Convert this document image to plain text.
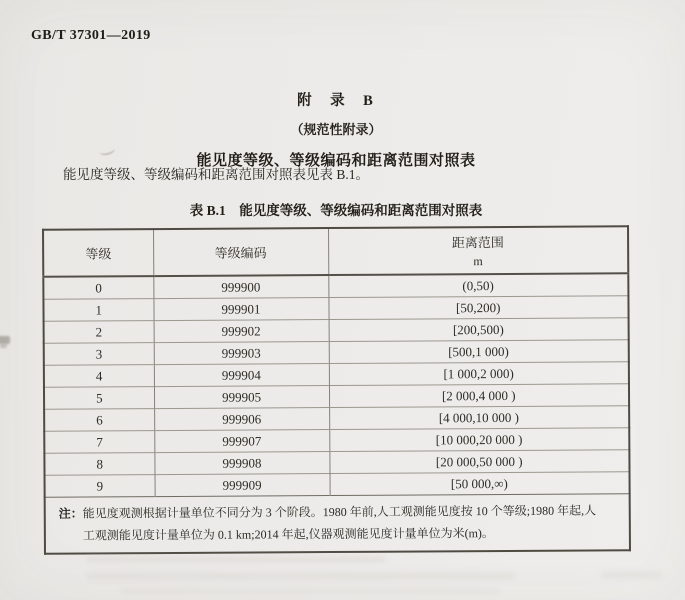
GB/T 37301—2019
附　录　B
（规范性附录）
能见度等级、等级编码和距离范围对照表
能见度等级、等级编码和距离范围对照表见表 B.1。
表 B.1　能见度等级、等级编码和距离范围对照表
等级	等级编码	距离范围
m

0	999900	(0,50)
1	999901	[50,200)
2	999902	[200,500)
3	999903	[500,1 000)
4	999904	[1 000,2 000)
5	999905	[2 000,4 000 )
6	999906	[4 000,10 000 )
7	999907	[10 000,20 000 )
8	999908	[20 000,50 000 )
9	999909	[50 000,∞)

注：能见度观测根据计量单位不同分为 3 个阶段。1980 年前,人工观测能见度按 10 个等级;1980 年起,人工观测能见度计量单位为 0.1 km;2014 年起,仪器观测能见度计量单位为米(m)。		
